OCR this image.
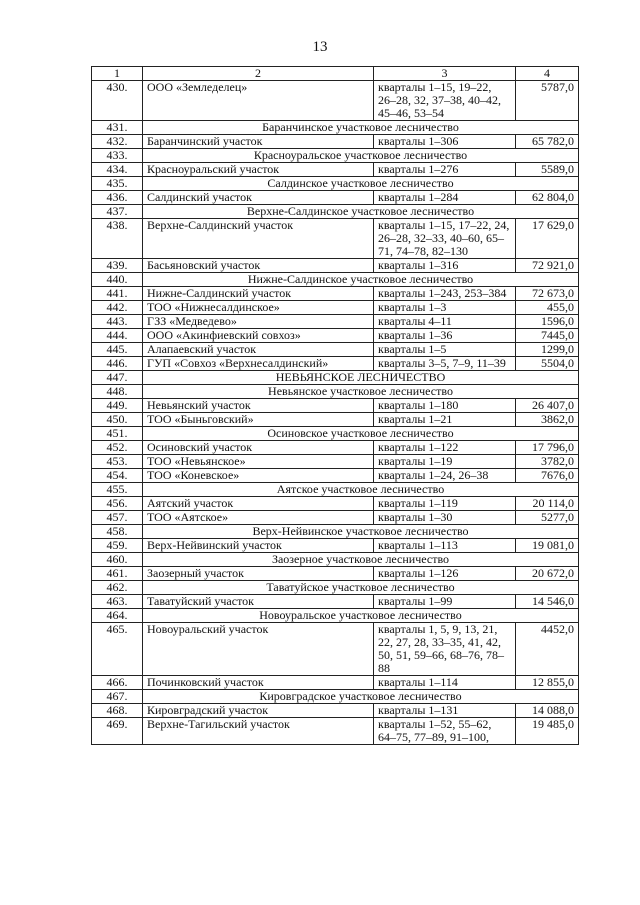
13
1	2	3	4
430.	ООО «Земледелец»	кварталы 1–15, 19–22, 26–28, 32, 37–38, 40–42, 45–46, 53–54	5787,0
431.	Баранчинское участковое лесничество		
432.	Баранчинский участок	кварталы 1–306	65 782,0
433.	Красноуральское участковое лесничество		
434.	Красноуральский участок	кварталы 1–276	5589,0
435.	Салдинское участковое лесничество		
436.	Салдинский участок	кварталы 1–284	62 804,0
437.	Верхне-Салдинское участковое лесничество		
438.	Верхне-Салдинский участок	кварталы 1–15, 17–22, 24, 26–28, 32–33, 40–60, 65–71, 74–78, 82–130	17 629,0
439.	Басьяновский участок	кварталы 1–316	72 921,0
440.	Нижне-Салдинское участковое лесничество		
441.	Нижне-Салдинский участок	кварталы 1–243, 253–384	72 673,0
442.	ТОО «Нижнесалдинское»	кварталы 1–3	455,0
443.	ГЗЗ «Медведево»	кварталы 4–11	1596,0
444.	ООО «Акинфиевский совхоз»	кварталы 1–36	7445,0
445.	Алапаевский участок	кварталы 1–5	1299,0
446.	ГУП «Совхоз «Верхнесалдинский»	кварталы 3–5, 7–9, 11–39	5504,0
447.	НЕВЬЯНСКОЕ ЛЕСНИЧЕСТВО		
448.	Невьянское участковое лесничество		
449.	Невьянский участок	кварталы 1–180	26 407,0
450.	ТОО «Быньговский»	кварталы 1–21	3862,0
451.	Осиновское участковое лесничество		
452.	Осиновский участок	кварталы 1–122	17 796,0
453.	ТОО «Невьянское»	кварталы 1–19	3782,0
454.	ТОО «Коневское»	кварталы 1–24, 26–38	7676,0
455.	Аятское участковое лесничество		
456.	Аятский участок	кварталы 1–119	20 114,0
457.	ТОО «Аятское»	кварталы 1–30	5277,0
458.	Верх-Нейвинское участковое лесничество		
459.	Верх-Нейвинский участок	кварталы 1–113	19 081,0
460.	Заозерное участковое лесничество		
461.	Заозерный участок	кварталы 1–126	20 672,0
462.	Таватуйское участковое лесничество		
463.	Таватуйский участок	кварталы 1–99	14 546,0
464.	Новоуральское участковое лесничество		
465.	Новоуральский участок	кварталы 1, 5, 9, 13, 21, 22, 27, 28, 33–35, 41, 42, 50, 51, 59–66, 68–76, 78–88	4452,0
466.	Починковский участок	кварталы 1–114	12 855,0
467.	Кировградское участковое лесничество		
468.	Кировградский участок	кварталы 1–131	14 088,0
469.	Верхне-Тагильский участок	кварталы 1–52, 55–62, 64–75, 77–89, 91–100,	19 485,0
